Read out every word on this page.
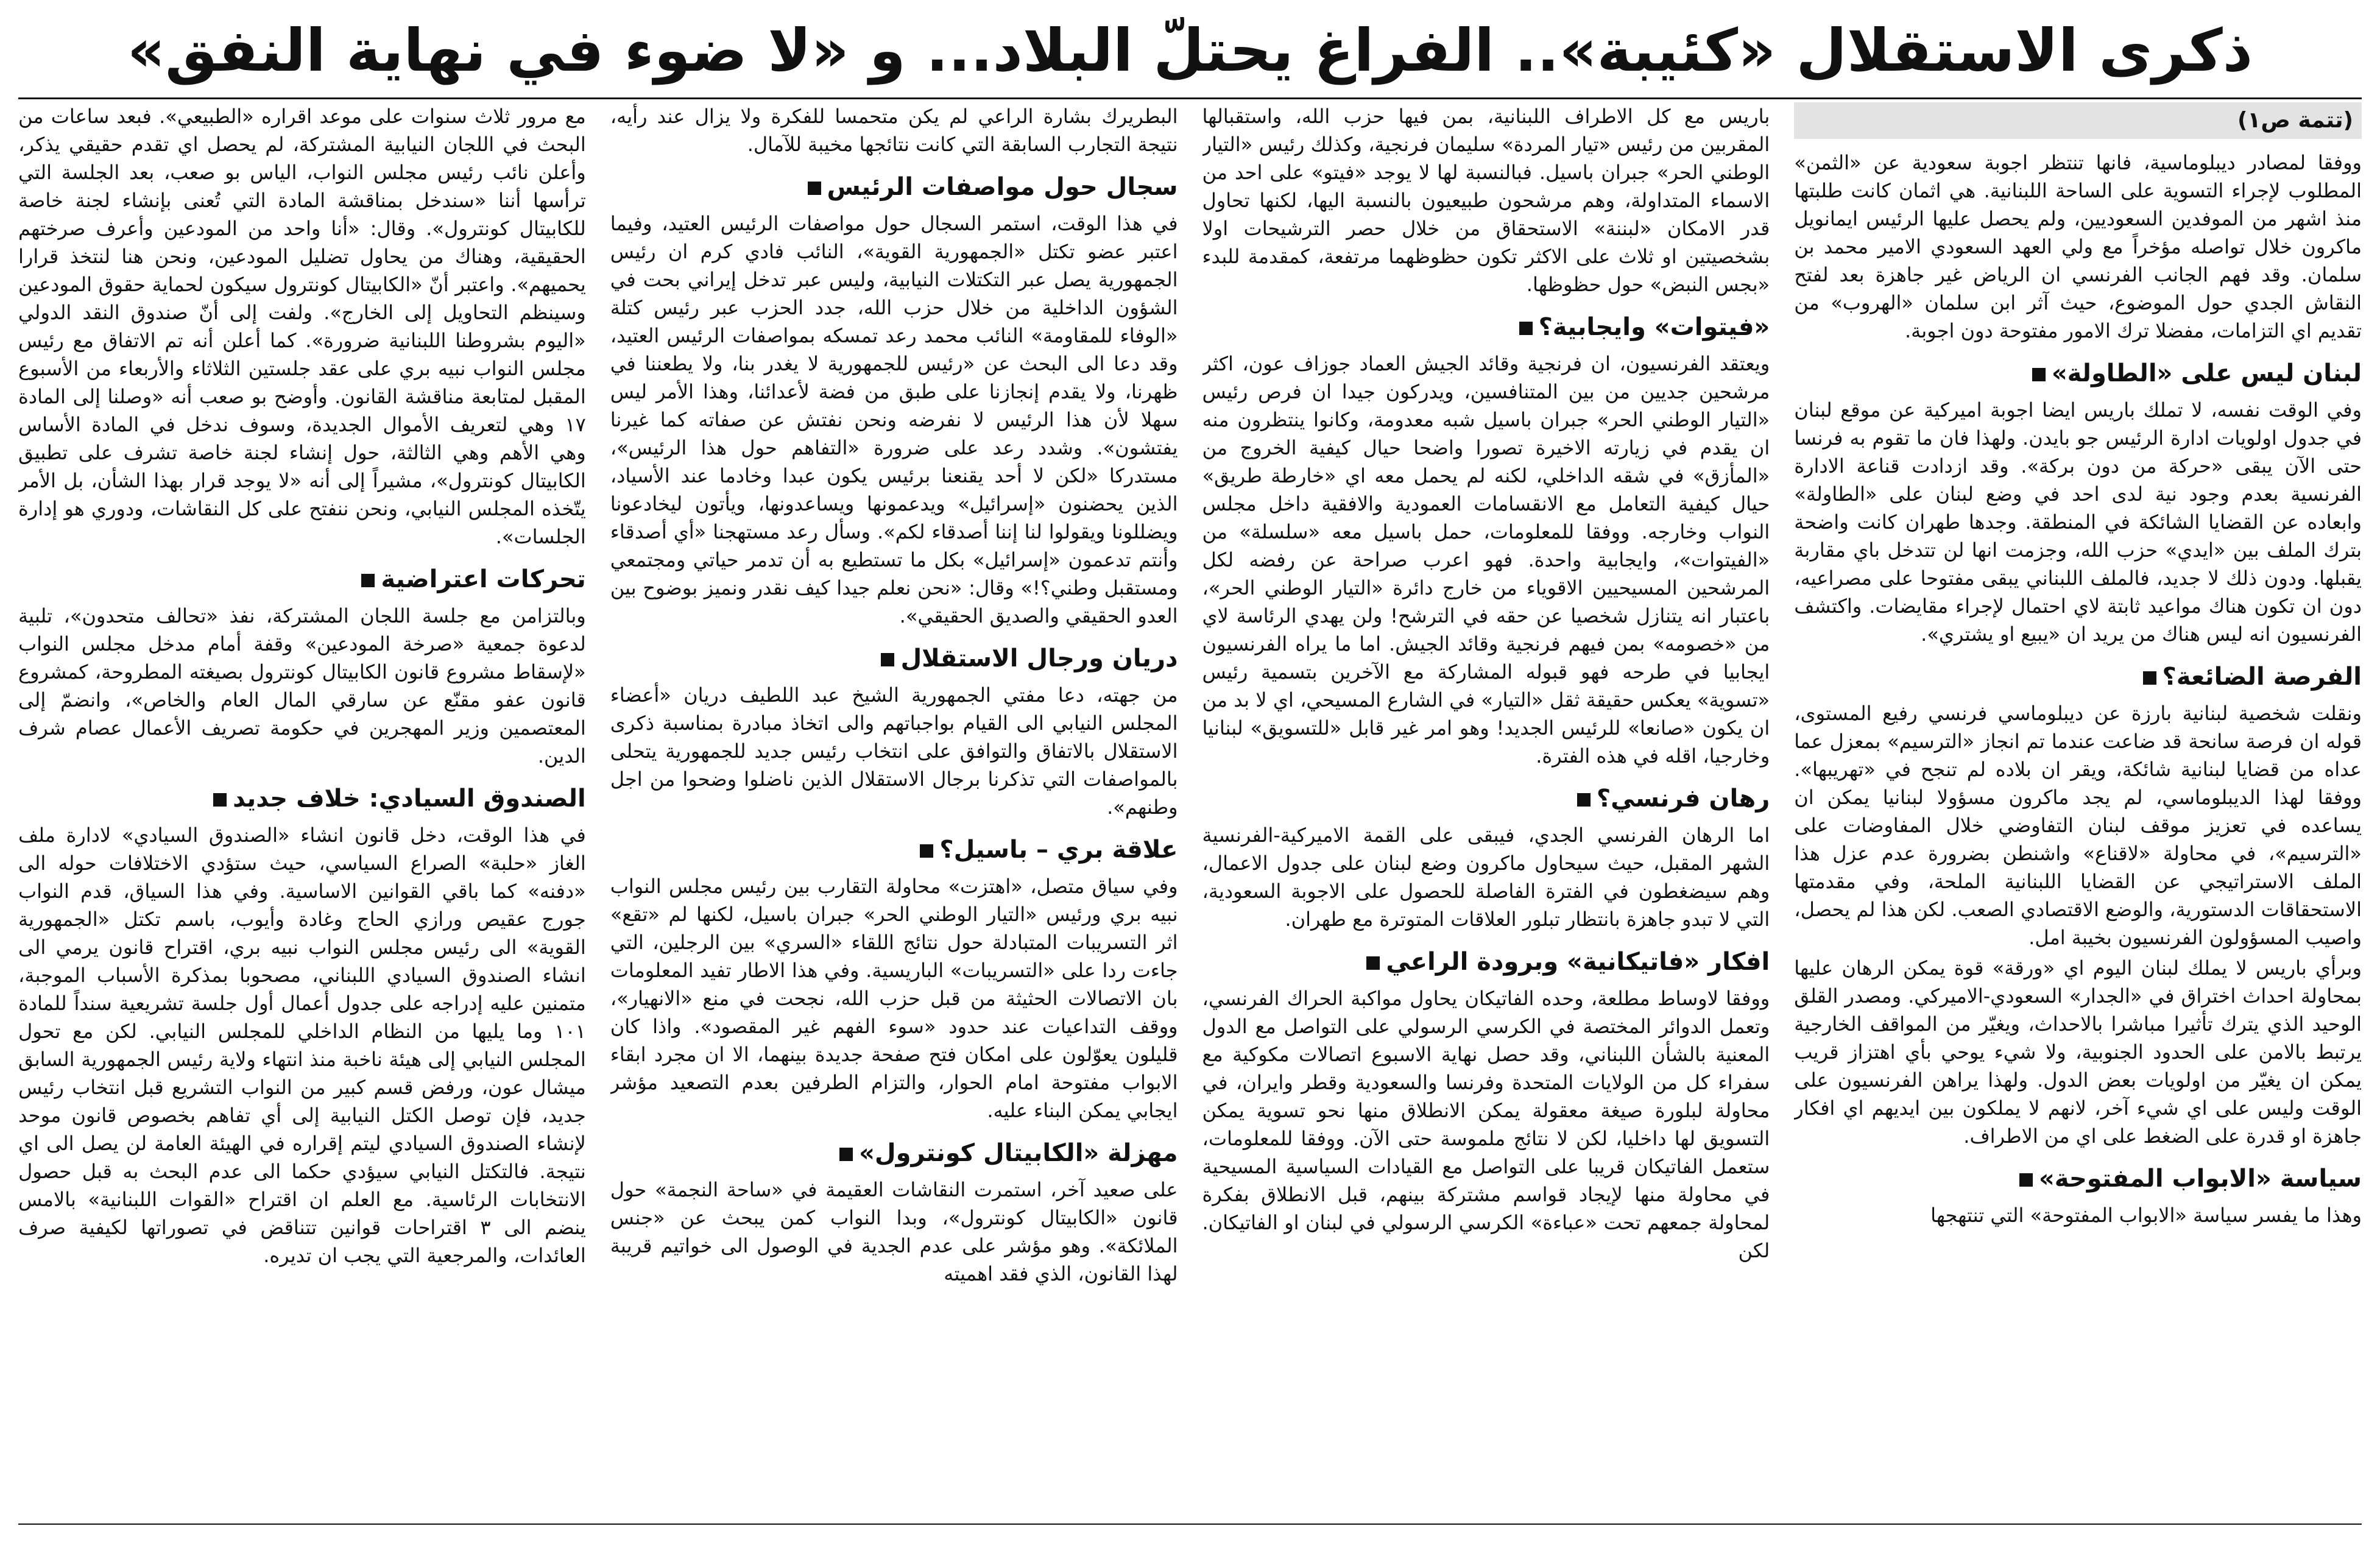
ذكرى الاستقلال «كئيبة».. الفراغ يحتلّ البلاد... و «لا ضوء في نهاية النفق»
(تتمة ص١)

ووفقا لمصادر ديبلوماسية، فانها تنتظر اجوبة سعودية عن «الثمن» المطلوب لإجراء التسوية على الساحة اللبنانية. هي اثمان كانت طلبتها منذ اشهر من الموفدين السعوديين، ولم يحصل عليها الرئيس ايمانويل ماكرون خلال تواصله مؤخراً مع ولي العهد السعودي الامير محمد بن سلمان. وقد فهم الجانب الفرنسي ان الرياض غير جاهزة بعد لفتح النقاش الجدي حول الموضوع، حيث آثر ابن سلمان «الهروب» من تقديم اي التزامات، مفضلا ترك الامور مفتوحة دون اجوبة.

لبنان ليس على «الطاولة»

وفي الوقت نفسه، لا تملك باريس ايضا اجوبة اميركية عن موقع لبنان في جدول اولويات ادارة الرئيس جو بايدن. ولهذا فان ما تقوم به فرنسا حتى الآن يبقى «حركة من دون بركة». وقد ازدادت قناعة الادارة الفرنسية بعدم وجود نية لدى احد في وضع لبنان على «الطاولة» وابعاده عن القضايا الشائكة في المنطقة. وجدها طهران كانت واضحة بترك الملف بين «ايدي» حزب الله، وجزمت انها لن تتدخل باي مقاربة يقبلها. ودون ذلك لا جديد، فالملف اللبناني يبقى مفتوحا على مصراعيه، دون ان تكون هناك مواعيد ثابتة لاي احتمال لإجراء مقايضات. واكتشف الفرنسيون انه ليس هناك من يريد ان «يبيع او يشتري».

الفرصة الضائعة؟

ونقلت شخصية لبنانية بارزة عن ديبلوماسي فرنسي رفيع المستوى، قوله ان فرصة سانحة قد ضاعت عندما تم انجاز «الترسيم» بمعزل عما عداه من قضايا لبنانية شائكة، ويقر ان بلاده لم تنجح في «تهريبها». ووفقا لهذا الديبلوماسي، لم يجد ماكرون مسؤولا لبنانيا يمكن ان يساعده في تعزيز موقف لبنان التفاوضي خلال المفاوضات على «الترسيم»، في محاولة «لاقناع» واشنطن بضرورة عدم عزل هذا الملف الاستراتيجي عن القضايا اللبنانية الملحة، وفي مقدمتها الاستحقاقات الدستورية، والوضع الاقتصادي الصعب. لكن هذا لم يحصل، واصيب المسؤولون الفرنسيون بخيبة امل.

وبرأي باريس لا يملك لبنان اليوم اي «ورقة» قوة يمكن الرهان عليها بمحاولة احداث اختراق في «الجدار» السعودي-الاميركي. ومصدر القلق الوحيد الذي يترك تأثيرا مباشرا بالاحداث، ويغيّر من المواقف الخارجية يرتبط بالامن على الحدود الجنوبية، ولا شيء يوحي بأي اهتزاز قريب يمكن ان يغيّر من اولويات بعض الدول. ولهذا يراهن الفرنسيون على الوقت وليس على اي شيء آخر، لانهم لا يملكون بين ايديهم اي افكار جاهزة او قدرة على الضغط على اي من الاطراف.

سياسة «الابواب المفتوحة»

وهذا ما يفسر سياسة «الابواب المفتوحة» التي تنتهجها

باريس مع كل الاطراف اللبنانية، بمن فيها حزب الله، واستقبالها المقربين من رئيس «تيار المردة» سليمان فرنجية، وكذلك رئيس «التيار الوطني الحر» جبران باسيل. فبالنسبة لها لا يوجد «فيتو» على احد من الاسماء المتداولة، وهم مرشحون طبيعيون بالنسبة اليها، لكنها تحاول قدر الامكان «لبننة» الاستحقاق من خلال حصر الترشيحات اولا بشخصيتين او ثلاث على الاكثر تكون حظوظهما مرتفعة، كمقدمة للبدء «بجس النبض» حول حظوظها.

«فيتوات» وايجابية؟

ويعتقد الفرنسيون، ان فرنجية وقائد الجيش العماد جوزاف عون، اكثر مرشحين جديين من بين المتنافسين، ويدركون جيدا ان فرص رئيس «التيار الوطني الحر» جبران باسيل شبه معدومة، وكانوا ينتظرون منه ان يقدم في زيارته الاخيرة تصورا واضحا حيال كيفية الخروج من «المأزق» في شقه الداخلي، لكنه لم يحمل معه اي «خارطة طريق» حيال كيفية التعامل مع الانقسامات العمودية والافقية داخل مجلس النواب وخارجه. ووفقا للمعلومات، حمل باسيل معه «سلسلة» من «الفيتوات»، وايجابية واحدة. فهو اعرب صراحة عن رفضه لكل المرشحين المسيحيين الاقوياء من خارج دائرة «التيار الوطني الحر»، باعتبار انه يتنازل شخصيا عن حقه في الترشح! ولن يهدي الرئاسة لاي من «خصومه» بمن فيهم فرنجية وقائد الجيش. اما ما يراه الفرنسيون ايجابيا في طرحه فهو قبوله المشاركة مع الآخرين بتسمية رئيس «تسوية» يعكس حقيقة ثقل «التيار» في الشارع المسيحي، اي لا بد من ان يكون «صانعا» للرئيس الجديد! وهو امر غير قابل «للتسويق» لبنانيا وخارجيا، اقله في هذه الفترة.

رهان فرنسي؟

اما الرهان الفرنسي الجدي، فيبقى على القمة الاميركية-الفرنسية الشهر المقبل، حيث سيحاول ماكرون وضع لبنان على جدول الاعمال، وهم سيضغطون في الفترة الفاصلة للحصول على الاجوبة السعودية، التي لا تبدو جاهزة بانتظار تبلور العلاقات المتوترة مع طهران.

افكار «فاتيكانية» وبرودة الراعي

ووفقا لاوساط مطلعة، وحده الفاتيكان يحاول مواكبة الحراك الفرنسي، وتعمل الدوائر المختصة في الكرسي الرسولي على التواصل مع الدول المعنية بالشأن اللبناني، وقد حصل نهاية الاسبوع اتصالات مكوكية مع سفراء كل من الولايات المتحدة وفرنسا والسعودية وقطر وايران، في محاولة لبلورة صيغة معقولة يمكن الانطلاق منها نحو تسوية يمكن التسويق لها داخليا، لكن لا نتائج ملموسة حتى الآن. ووفقا للمعلومات، ستعمل الفاتيكان قريبا على التواصل مع القيادات السياسية المسيحية في محاولة منها لإيجاد قواسم مشتركة بينهم، قبل الانطلاق بفكرة لمحاولة جمعهم تحت «عباءة» الكرسي الرسولي في لبنان او الفاتيكان. لكن

البطريرك بشارة الراعي لم يكن متحمسا للفكرة ولا يزال عند رأيه، نتيجة التجارب السابقة التي كانت نتائجها مخيبة للآمال.

سجال حول مواصفات الرئيس

في هذا الوقت، استمر السجال حول مواصفات الرئيس العتيد، وفيما اعتبر عضو تكتل «الجمهورية القوية»، النائب فادي كرم ان رئيس الجمهورية يصل عبر التكتلات النيابية، وليس عبر تدخل إيراني بحت في الشؤون الداخلية من خلال حزب الله، جدد الحزب عبر رئيس كتلة «الوفاء للمقاومة» النائب محمد رعد تمسكه بمواصفات الرئيس العتيد، وقد دعا الى البحث عن «رئيس للجمهورية لا يغدر بنا، ولا يطعننا في ظهرنا، ولا يقدم إنجازنا على طبق من فضة لأعدائنا، وهذا الأمر ليس سهلا لأن هذا الرئيس لا نفرضه ونحن نفتش عن صفاته كما غيرنا يفتشون». وشدد رعد على ضرورة «التفاهم حول هذا الرئيس»، مستدركا «لكن لا أحد يقنعنا برئيس يكون عبدا وخادما عند الأسياد، الذين يحضنون «إسرائيل» ويدعمونها ويساعدونها، ويأتون ليخادعونا ويضللونا ويقولوا لنا إننا أصدقاء لكم». وسأل رعد مستهجنا «أي أصدقاء وأنتم تدعمون «إسرائيل» بكل ما تستطيع به أن تدمر حياتي ومجتمعي ومستقبل وطني؟!» وقال: «نحن نعلم جيدا كيف نقدر ونميز بوضوح بين العدو الحقيقي والصديق الحقيقي».

دريان ورجال الاستقلال

من جهته، دعا مفتي الجمهورية الشيخ عبد اللطيف دريان «أعضاء المجلس النيابي الى القيام بواجباتهم والى اتخاذ مبادرة بمناسبة ذكرى الاستقلال بالاتفاق والتوافق على انتخاب رئيس جديد للجمهورية يتحلى بالمواصفات التي تذكرنا برجال الاستقلال الذين ناضلوا وضحوا من اجل وطنهم».

علاقة بري – باسيل؟

وفي سياق متصل، «اهتزت» محاولة التقارب بين رئيس مجلس النواب نبيه بري ورئيس «التيار الوطني الحر» جبران باسيل، لكنها لم «تقع» اثر التسريبات المتبادلة حول نتائج اللقاء «السري» بين الرجلين، التي جاءت ردا على «التسريبات» الباريسية. وفي هذا الاطار تفيد المعلومات بان الاتصالات الحثيثة من قبل حزب الله، نجحت في منع «الانهيار»، ووقف التداعيات عند حدود «سوء الفهم غير المقصود». واذا كان قليلون يعوّلون على امكان فتح صفحة جديدة بينهما، الا ان مجرد ابقاء الابواب مفتوحة امام الحوار، والتزام الطرفين بعدم التصعيد مؤشر ايجابي يمكن البناء عليه.

مهزلة «الكابيتال كونترول»

على صعيد آخر، استمرت النقاشات العقيمة في «ساحة النجمة» حول قانون «الكابيتال كونترول»، وبدا النواب كمن يبحث عن «جنس الملائكة». وهو مؤشر على عدم الجدية في الوصول الى خواتيم قريبة لهذا القانون، الذي فقد اهميته

مع مرور ثلاث سنوات على موعد اقراره «الطبيعي». فبعد ساعات من البحث في اللجان النيابية المشتركة، لم يحصل اي تقدم حقيقي يذكر، وأعلن نائب رئيس مجلس النواب، الياس بو صعب، بعد الجلسة التي ترأسها أننا «سندخل بمناقشة المادة التي تُعنى بإنشاء لجنة خاصة للكابيتال كونترول». وقال: «أنا واحد من المودعين وأعرف صرختهم الحقيقية، وهناك من يحاول تضليل المودعين، ونحن هنا لنتخذ قرارا يحميهم». واعتبر أنّ «الكابيتال كونترول سيكون لحماية حقوق المودعين وسينظم التحاويل إلى الخارج». ولفت إلى أنّ صندوق النقد الدولي «اليوم بشروطنا اللبنانية ضرورة». كما أعلن أنه تم الاتفاق مع رئيس مجلس النواب نبيه بري على عقد جلستين الثلاثاء والأربعاء من الأسبوع المقبل لمتابعة مناقشة القانون. وأوضح بو صعب أنه «وصلنا إلى المادة ١٧ وهي لتعريف الأموال الجديدة، وسوف ندخل في المادة الأساس وهي الأهم وهي الثالثة، حول إنشاء لجنة خاصة تشرف على تطبيق الكابيتال كونترول»، مشيراً إلى أنه «لا يوجد قرار بهذا الشأن، بل الأمر يتّخذه المجلس النيابي، ونحن ننفتح على كل النقاشات، ودوري هو إدارة الجلسات».

تحركات اعتراضية

وبالتزامن مع جلسة اللجان المشتركة، نفذ «تحالف متحدون»، تلبية لدعوة جمعية «صرخة المودعين» وقفة أمام مدخل مجلس النواب «لإسقاط مشروع قانون الكابيتال كونترول بصيغته المطروحة، كمشروع قانون عفو مقنّع عن سارقي المال العام والخاص»، وانضمّ إلى المعتصمين وزير المهجرين في حكومة تصريف الأعمال عصام شرف الدين.

الصندوق السيادي: خلاف جديد

في هذا الوقت، دخل قانون انشاء «الصندوق السيادي» لادارة ملف الغاز «حلبة» الصراع السياسي، حيث ستؤدي الاختلافات حوله الى «دفنه» كما باقي القوانين الاساسية. وفي هذا السياق، قدم النواب جورج عقيص ورازي الحاج وغادة وأيوب، باسم تكتل «الجمهورية القوية» الى رئيس مجلس النواب نبيه بري، اقتراح قانون يرمي الى انشاء الصندوق السيادي اللبناني، مصحوبا بمذكرة الأسباب الموجبة، متمنين عليه إدراجه على جدول أعمال أول جلسة تشريعية سنداً للمادة ١٠١ وما يليها من النظام الداخلي للمجلس النيابي. لكن مع تحول المجلس النيابي إلى هيئة ناخبة منذ انتهاء ولاية رئيس الجمهورية السابق ميشال عون، ورفض قسم كبير من النواب التشريع قبل انتخاب رئيس جديد، فإن توصل الكتل النيابية إلى أي تفاهم بخصوص قانون موحد لإنشاء الصندوق السيادي ليتم إقراره في الهيئة العامة لن يصل الى اي نتيجة. فالتكتل النيابي سيؤدي حكما الى عدم البحث به قبل حصول الانتخابات الرئاسية. مع العلم ان اقتراح «القوات اللبنانية» بالامس ينضم الى ٣ اقتراحات قوانين تتناقض في تصوراتها لكيفية صرف العائدات، والمرجعية التي يجب ان تديره.
